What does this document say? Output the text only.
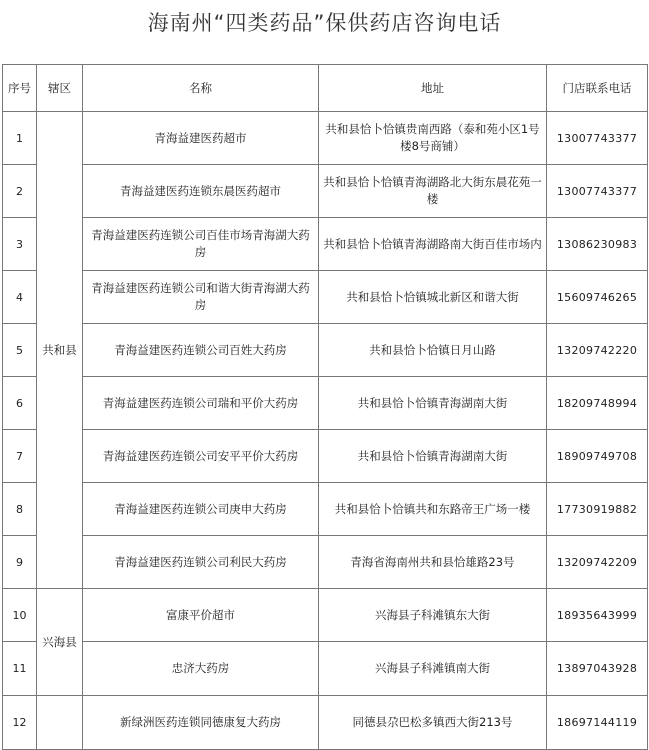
海南州“四类药品”保供药店咨询电话
序号	辖区	名称	地址	门店联系电话
1	共和县	青海益建医药超市	共和县恰卜恰镇贵南西路（泰和苑小区1号楼8号商铺）	13007743377
2		青海益建医药连锁东晨医药超市	共和县恰卜恰镇青海湖路北大街东晨花苑一楼	13007743377
3		青海益建医药连锁公司百佳市场青海湖大药房	共和县恰卜恰镇青海湖路南大街百佳市场内	13086230983
4		青海益建医药连锁公司和谐大街青海湖大药房	共和县恰卜恰镇城北新区和谐大街	15609746265
5		青海益建医药连锁公司百姓大药房	共和县恰卜恰镇日月山路	13209742220
6		青海益建医药连锁公司瑞和平价大药房	共和县恰卜恰镇青海湖南大街	18209748994
7		青海益建医药连锁公司安平平价大药房	共和县恰卜恰镇青海湖南大街	18909749708
8		青海益建医药连锁公司庚申大药房	共和县恰卜恰镇共和东路帝王广场一楼	17730919882
9		青海益建医药连锁公司利民大药房	青海省海南州共和县恰雄路23号	13209742209
10	兴海县	富康平价超市	兴海县子科滩镇东大街	18935643999
11		忠济大药房	兴海县子科滩镇南大街	13897043928
12		新绿洲医药连锁同德康复大药房	同德县尕巴松多镇西大街213号	18697144119
